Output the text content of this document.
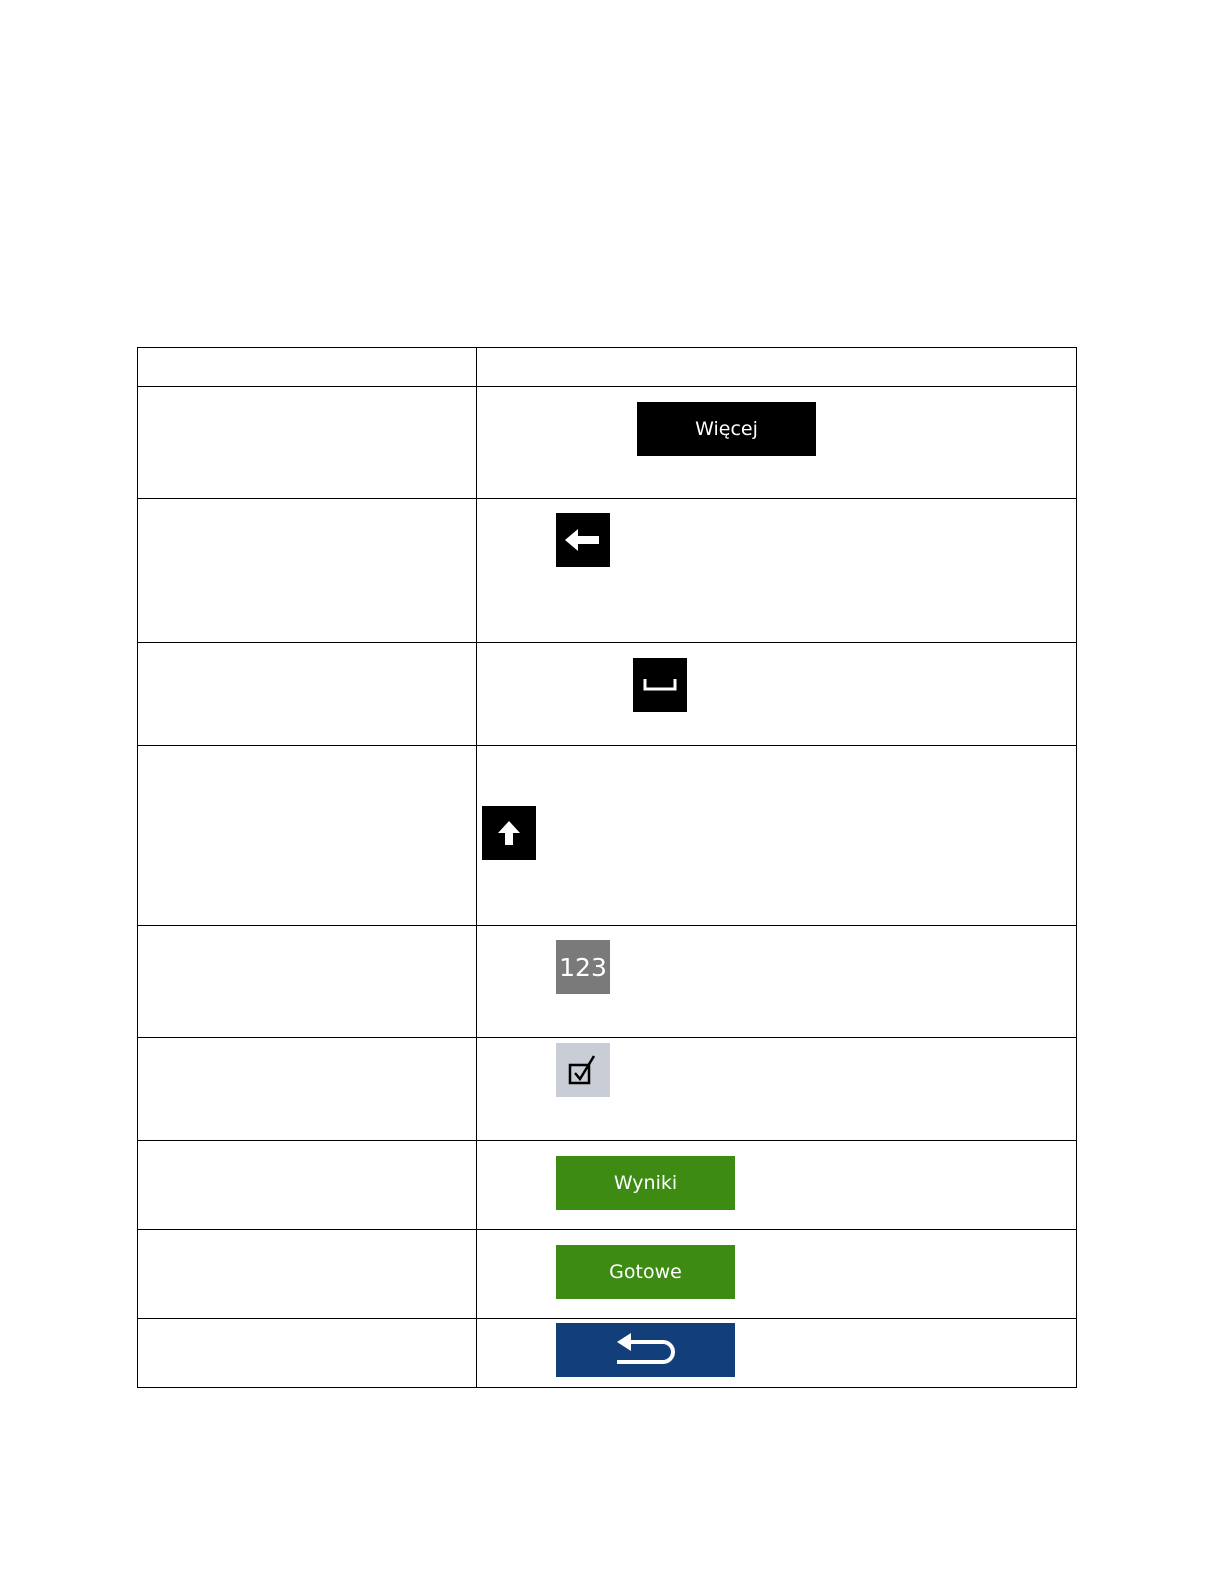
	Więcej

	123

	Wyniki

	Gotowe
